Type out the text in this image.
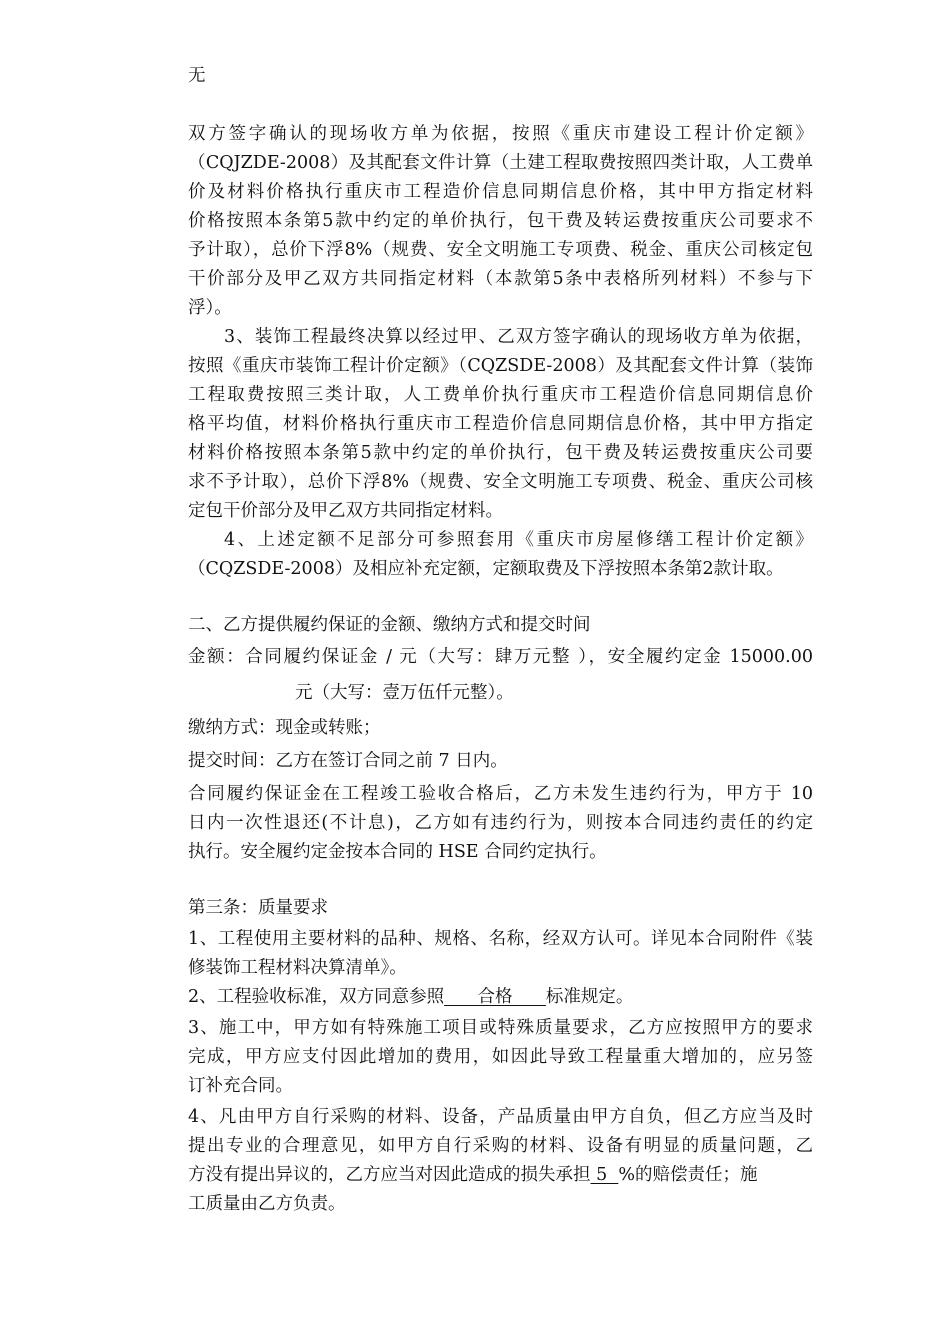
无
双方签字确认的现场收方单为依据，按照《重庆市建设工程计价定额》
（CQJZDE-2008）及其配套文件计算（土建工程取费按照四类计取，人工费单
价及材料价格执行重庆市工程造价信息同期信息价格，其中甲方指定材料
价格按照本条第5款中约定的单价执行，包干费及转运费按重庆公司要求不
予计取），总价下浮8%（规费、安全文明施工专项费、税金、重庆公司核定包
干价部分及甲乙双方共同指定材料（本款第5条中表格所列材料）不参与下
浮）。
3、装饰工程最终决算以经过甲、乙双方签字确认的现场收方单为依据，
按照《重庆市装饰工程计价定额》（CQZSDE-2008）及其配套文件计算（装饰
工程取费按照三类计取，人工费单价执行重庆市工程造价信息同期信息价
格平均值，材料价格执行重庆市工程造价信息同期信息价格，其中甲方指定
材料价格按照本条第5款中约定的单价执行，包干费及转运费按重庆公司要
求不予计取），总价下浮8%（规费、安全文明施工专项费、税金、重庆公司核
定包干价部分及甲乙双方共同指定材料。
4、上述定额不足部分可参照套用《重庆市房屋修缮工程计价定额》
（CQZSDE-2008）及相应补充定额，定额取费及下浮按照本条第2款计取。
二、乙方提供履约保证的金额、缴纳方式和提交时间
金额：合同履约保证金 / 元（大写：肆万元整 ），安全履约定金 15000.00
元（大写：壹万伍仟元整）。
缴纳方式：现金或转账；
提交时间：乙方在签订合同之前 7 日内。
合同履约保证金在工程竣工验收合格后，乙方未发生违约行为，甲方于 10
日内一次性退还(不计息)，乙方如有违约行为，则按本合同违约责任的约定
执行。安全履约定金按本合同的 HSE 合同约定执行。
第三条：质量要求
1、工程使用主要材料的品种、规格、名称，经双方认可。详见本合同附件《装
修装饰工程材料决算清单》。
2、工程验收标准，双方同意参照      合格      标准规定。
3、施工中，甲方如有特殊施工项目或特殊质量要求，乙方应按照甲方的要求
完成，甲方应支付因此增加的费用，如因此导致工程量重大增加的，应另签
订补充合同。
4、凡由甲方自行采购的材料、设备，产品质量由甲方自负，但乙方应当及时
提出专业的合理意见，如甲方自行采购的材料、设备有明显的质量问题，乙
方没有提出异议的，乙方应当对因此造成的损失承担 5  %的赔偿责任；施
工质量由乙方负责。
